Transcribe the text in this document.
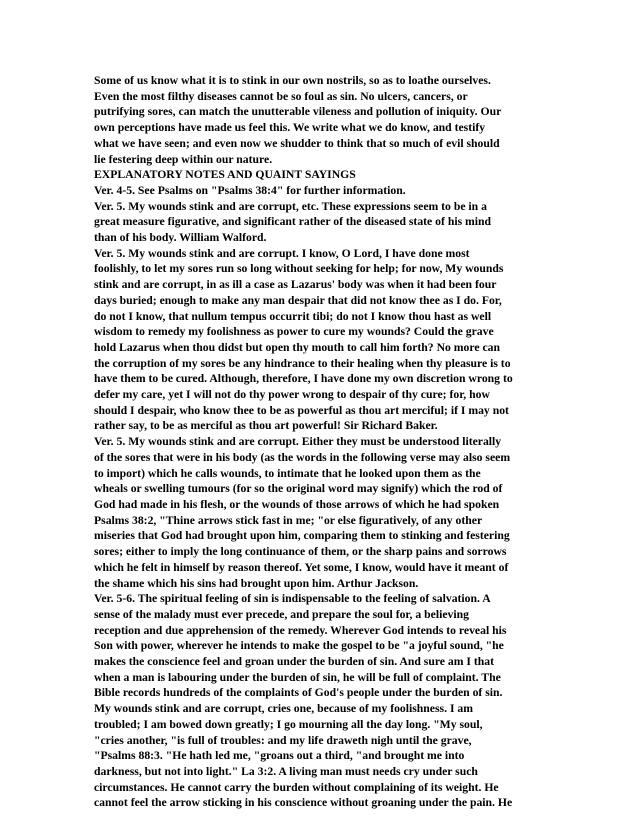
Some of us know what it is to stink in our own nostrils, so as to loathe ourselves.
Even the most filthy diseases cannot be so foul as sin. No ulcers, cancers, or
putrifying sores, can match the unutterable vileness and pollution of iniquity. Our
own perceptions have made us feel this. We write what we do know, and testify
what we have seen; and even now we shudder to think that so much of evil should
lie festering deep within our nature.
EXPLANATORY NOTES AND QUAINT SAYINGS
Ver. 4-5. See Psalms on "Psalms 38:4" for further information.
Ver. 5. My wounds stink and are corrupt, etc. These expressions seem to be in a
great measure figurative, and significant rather of the diseased state of his mind
than of his body. William Walford.
Ver. 5. My wounds stink and are corrupt. I know, O Lord, I have done most
foolishly, to let my sores run so long without seeking for help; for now, My wounds
stink and are corrupt, in as ill a case as Lazarus' body was when it had been four
days buried; enough to make any man despair that did not know thee as I do. For,
do not I know, that nullum tempus occurrit tibi; do not I know thou hast as well
wisdom to remedy my foolishness as power to cure my wounds? Could the grave
hold Lazarus when thou didst but open thy mouth to call him forth? No more can
the corruption of my sores be any hindrance to their healing when thy pleasure is to
have them to be cured. Although, therefore, I have done my own discretion wrong to
defer my care, yet I will not do thy power wrong to despair of thy cure; for, how
should I despair, who know thee to be as powerful as thou art merciful; if I may not
rather say, to be as merciful as thou art powerful! Sir Richard Baker.
Ver. 5. My wounds stink and are corrupt. Either they must be understood literally
of the sores that were in his body (as the words in the following verse may also seem
to import) which he calls wounds, to intimate that he looked upon them as the
wheals or swelling tumours (for so the original word may signify) which the rod of
God had made in his flesh, or the wounds of those arrows of which he had spoken
Psalms 38:2, "Thine arrows stick fast in me; "or else figuratively, of any other
miseries that God had brought upon him, comparing them to stinking and festering
sores; either to imply the long continuance of them, or the sharp pains and sorrows
which he felt in himself by reason thereof. Yet some, I know, would have it meant of
the shame which his sins had brought upon him. Arthur Jackson.
Ver. 5-6. The spiritual feeling of sin is indispensable to the feeling of salvation. A
sense of the malady must ever precede, and prepare the soul for, a believing
reception and due apprehension of the remedy. Wherever God intends to reveal his
Son with power, wherever he intends to make the gospel to be "a joyful sound, "he
makes the conscience feel and groan under the burden of sin. And sure am I that
when a man is labouring under the burden of sin, he will be full of complaint. The
Bible records hundreds of the complaints of God's people under the burden of sin.
My wounds stink and are corrupt, cries one, because of my foolishness. I am
troubled; I am bowed down greatly; I go mourning all the day long. "My soul,
"cries another, "is full of troubles: and my life draweth nigh until the grave,
"Psalms 88:3. "He hath led me, "groans out a third, "and brought me into
darkness, but not into light." La 3:2. A living man must needs cry under such
circumstances. He cannot carry the burden without complaining of its weight. He
cannot feel the arrow sticking in his conscience without groaning under the pain. He
